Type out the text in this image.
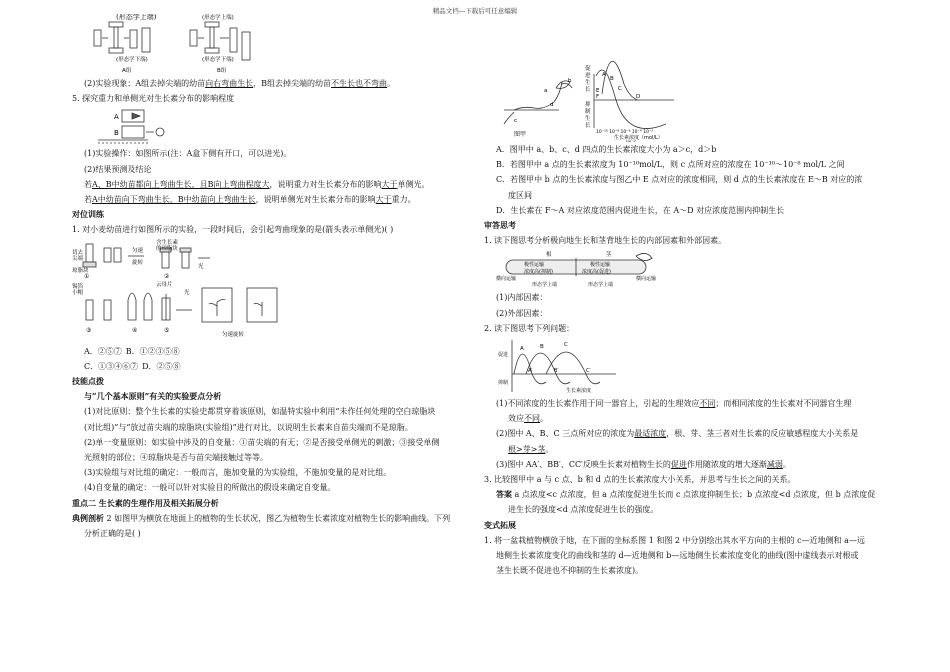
精品文档---下载后可任意编辑
(形态学上端)
(形态学下端)
A组
(形态学上端)
(形态学下端)
B组
(2)实验现象：A组去掉尖端的幼苗向右弯曲生长，B组去掉尖端的幼苗不生长也不弯曲。
5. 探究重力和单侧光对生长素分布的影响程度
A
B
(1)实验操作：如图所示(注：A盒下侧有开口，可以进光)。
(2)结果预测及结论
若A、B中幼苗都向上弯曲生长，且B向上弯曲程度大，说明重力对生长素分布的影响大于单侧光。
若A中幼苗向下弯曲生长，B中幼苗向上弯曲生长，说明单侧光对生长素分布的影响大于重力。
对位训练
1. 对小麦幼苗进行如图所示的实验，一段时间后，会引起弯曲现象的是(箭头表示单侧光)( )
含生长素
的琼脂块
匀速
旋转
光
切去
尖端
琼脂块
云母片
光
匀速旋转
锡箔
小帽
①	②
③	④	⑤
A．②⑤⑦ B．①②③⑤⑧
C．①③④⑥⑦ D．②⑤⑧
技能点拨
与“几个基本原则”有关的实验要点分析
(1)对比原则：整个生长素的实验史都贯穿着该原则，如温特实验中利用“未作任何处理的空白琼脂块
(对比组)”与“放过苗尖端的琼脂块(实验组)”进行对比，以说明生长素来自苗尖端而不是琼脂。
(2)单一变量原则：如实验中涉及的自变量：①苗尖端的有无；②是否接受单侧光的刺激；③接受单侧
光照射的部位；④琼脂块是否与苗尖端接触过等等。
(3)实验组与对比组的确定：一般而言，施加变量的为实验组，不施加变量的是对比组。
(4)自变量的确定：一般可以针对实验目的所做出的假设来确定自变量。
重点二 生长素的生理作用及相关拓展分析
典例剖析 2 如图甲为横放在地面上的植物的生长状况，图乙为植物生长素浓度对植物生长的影响曲线。下列
分析正确的是( )
a
b
c
d
图甲
促
进
生
长
抑
制
生
长
A
B
C
D
E
F
10⁻¹⁰ 10⁻⁸ 10⁻⁶ 10⁻⁴ 10⁻²
生长素浓度（mol/L）
A．图甲中 a、b、c、d 四点的生长素浓度大小为 a＞c，d＞b
B．若图甲中 a 点的生长素浓度为 10⁻¹⁰mol/L，则 c 点所对应的浓度在 10⁻¹⁰～10⁻⁸ mol/L 之间
C．若图甲中 b 点的生长素浓度与图乙中 E 点对应的浓度相同，则 d 点的生长素浓度在 E～B 对应的浓
度区间
D．生长素在 F～A 对应浓度范围内促进生长，在 A～D 对应浓度范围内抑制生长
审答思考
1. 读下图思考分析极向地生长和茎背地生长的内部因素和外部因素。
根	茎
极性运输	极性运输
横向运输
浓度高(抑制)	浓度高(促进)
横向运输
形态学上端	形态学上端
(1)内部因素：
(2)外部因素：
2. 读下图思考下列问题：
促进
抑制
A	B	C
A′	B′	C′
生长素浓度
(1)不同浓度的生长素作用于同一器官上，引起的生理效应不同；而相同浓度的生长素对不同器官生理
效应不同。
(2)图中 A、B、C 三点所对应的浓度为最适浓度，根、芽、茎三者对生长素的反应敏感程度大小关系是
根>芽>茎。
(3)图中 AA′、BB′、CC′反映生长素对植物生长的促进作用随浓度的增大逐渐减弱。
3. 比较图甲中 a 与 c 点、b 和 d 点的生长素浓度大小关系，并思考与生长之间的关系。
答案 a 点浓度<c 点浓度，但 a 点浓度促进生长而 c 点浓度抑制生长；b 点浓度<d 点浓度，但 b 点浓度促
进生长的强度<d 点浓度促进生长的强度。
变式拓展
1. 将一盆栽植物横放于地，在下面的坐标系图 1 和图 2 中分别绘出其水平方向的主根的 c—近地侧和 a—远
地侧生长素浓度变化的曲线和茎的 d—近地侧和 b—远地侧生长素浓度变化的曲线(图中虚线表示对根或
茎生长既不促进也不抑制的生长素浓度)。
